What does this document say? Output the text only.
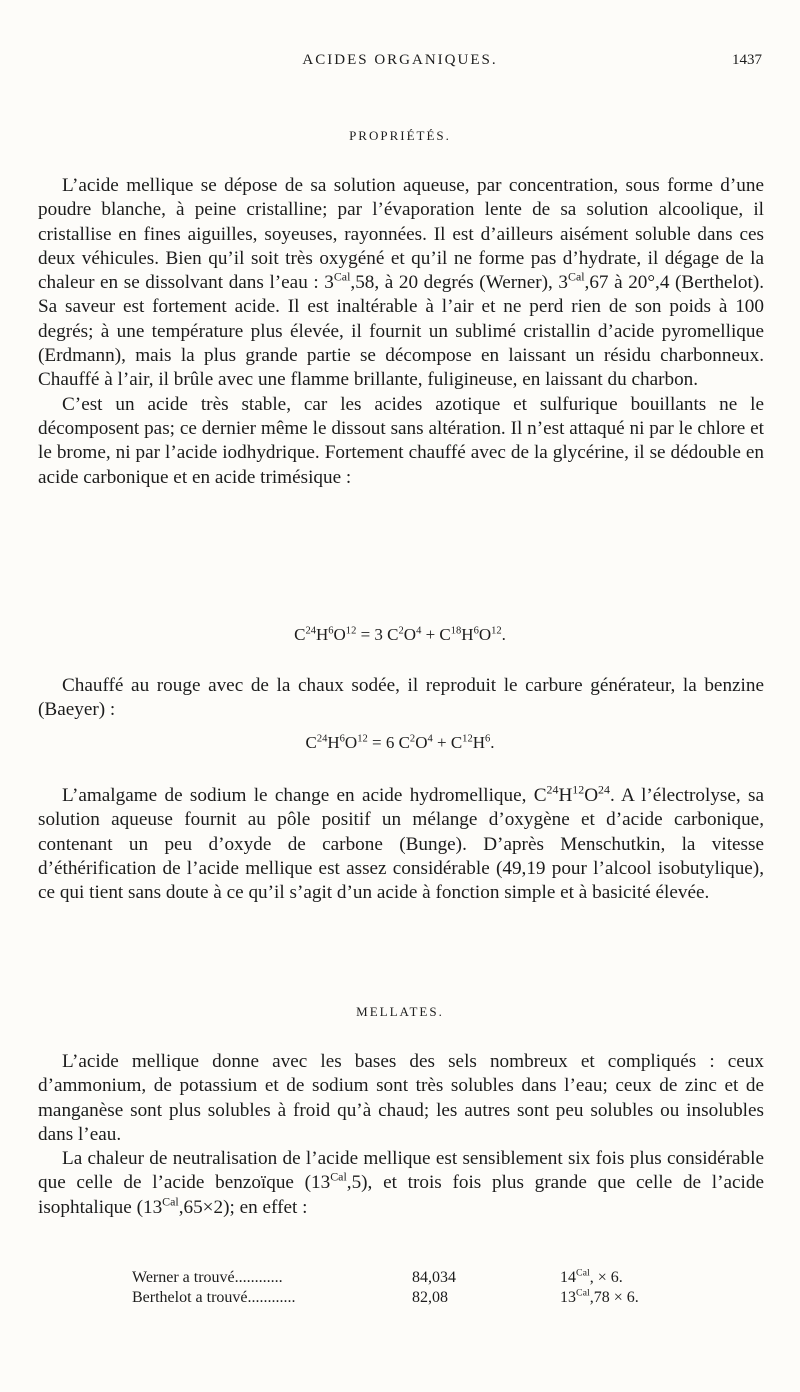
ACIDES ORGANIQUES.	1437
PROPRIÉTÉS.

L’acide mellique se dépose de sa solution aqueuse, par concentration, sous forme d’une poudre blanche, à peine cristalline; par l’évaporation lente de sa solution alcoolique, il cristallise en fines aiguilles, soyeuses, rayonnées. Il est d’ailleurs aisément soluble dans ces deux véhicules. Bien qu’il soit très oxygéné et qu’il ne forme pas d’hydrate, il dégage de la chaleur en se dissolvant dans l’eau : $3^{Cal},58$, à 20 degrés (Werner), $3^{Cal},67$ à 20°,4 (Berthelot). Sa saveur est fortement acide. Il est inaltérable à l’air et ne perd rien de son poids à 100 degrés; à une température plus élevée, il fournit un sublimé cristallin d’acide pyromellique (Erdmann), mais la plus grande partie se décompose en laissant un résidu charbonneux. Chauffé à l’air, il brûle avec une flamme brillante, fuligineuse, en laissant du charbon.

C’est un acide très stable, car les acides azotique et sulfurique bouillants ne le décomposent pas; ce dernier même le dissout sans altération. Il n’est attaqué ni par le chlore et le brome, ni par l’acide iodhydrique. Fortement chauffé avec de la glycérine, il se dédouble en acide carbonique et en acide trimésique :

$C^{24}H^6O^{12} = 3$ $C^2O^4 + C^{18}H^6O^{12}$.

Chauffé au rouge avec de la chaux sodée, il reproduit le carbure générateur, la benzine (Baeyer) :

$C^{24}H^6O^{12} = 6$ $C^2O^4 + C^{12}H^6$.

L’amalgame de sodium le change en acide hydromellique, $C^{24}H^{12}O^{24}$. A l’électrolyse, sa solution aqueuse fournit au pôle positif un mélange d’oxygène et d’acide carbonique, contenant un peu d’oxyde de carbone (Bunge). D’après Menschutkin, la vitesse d’éthérification de l’acide mellique est assez considérable (49,19 pour l’alcool isobutylique), ce qui tient sans doute à ce qu’il s’agit d’un acide à fonction simple et à basicité élevée.

MELLATES.

L’acide mellique donne avec les bases des sels nombreux et compliqués : ceux d’ammonium, de potassium et de sodium sont très solubles dans l’eau; ceux de zinc et de manganèse sont plus solubles à froid qu’à chaud; les autres sont peu solubles ou insolubles dans l’eau.

La chaleur de neutralisation de l’acide mellique est sensiblement six fois plus considérable que celle de l’acide benzoïque $(13^{Cal},5)$, et trois fois plus grande que celle de l’acide isophtalique $(13^{Cal},65\times 2)$; en effet :

Werner a trouvé............	84,034	$14^{Cal}$, × 6.
Berthelot a trouvé............	82,08	$13^{Cal},78 \times 6$.
